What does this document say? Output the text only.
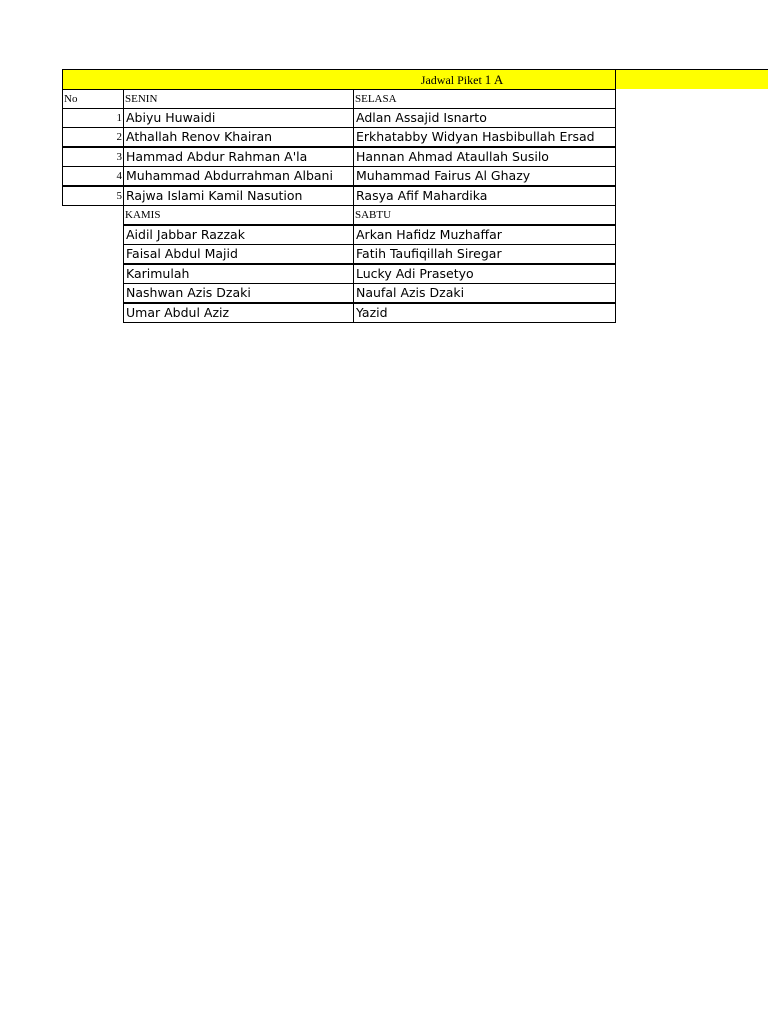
Jadwal Piket 1 A
No	SENIN	SELASA
1 Abiyu Huwaidi	Adlan Assajid Isnarto
2 Athallah Renov Khairan	Erkhatabby Widyan Hasbibullah Ersad
3 Hammad Abdur Rahman A'la	Hannan Ahmad Ataullah Susilo
4 Muhammad Abdurrahman Albani	Muhammad Fairus Al Ghazy
5 Rajwa Islami Kamil Nasution	Rasya Afif Mahardika
KAMIS	SABTU
Aidil Jabbar Razzak	Arkan Hafidz Muzhaffar
Faisal Abdul Majid	Fatih Taufiqillah Siregar
Karimulah	Lucky Adi Prasetyo
Nashwan Azis Dzaki	Naufal Azis Dzaki
Umar Abdul Aziz	Yazid
